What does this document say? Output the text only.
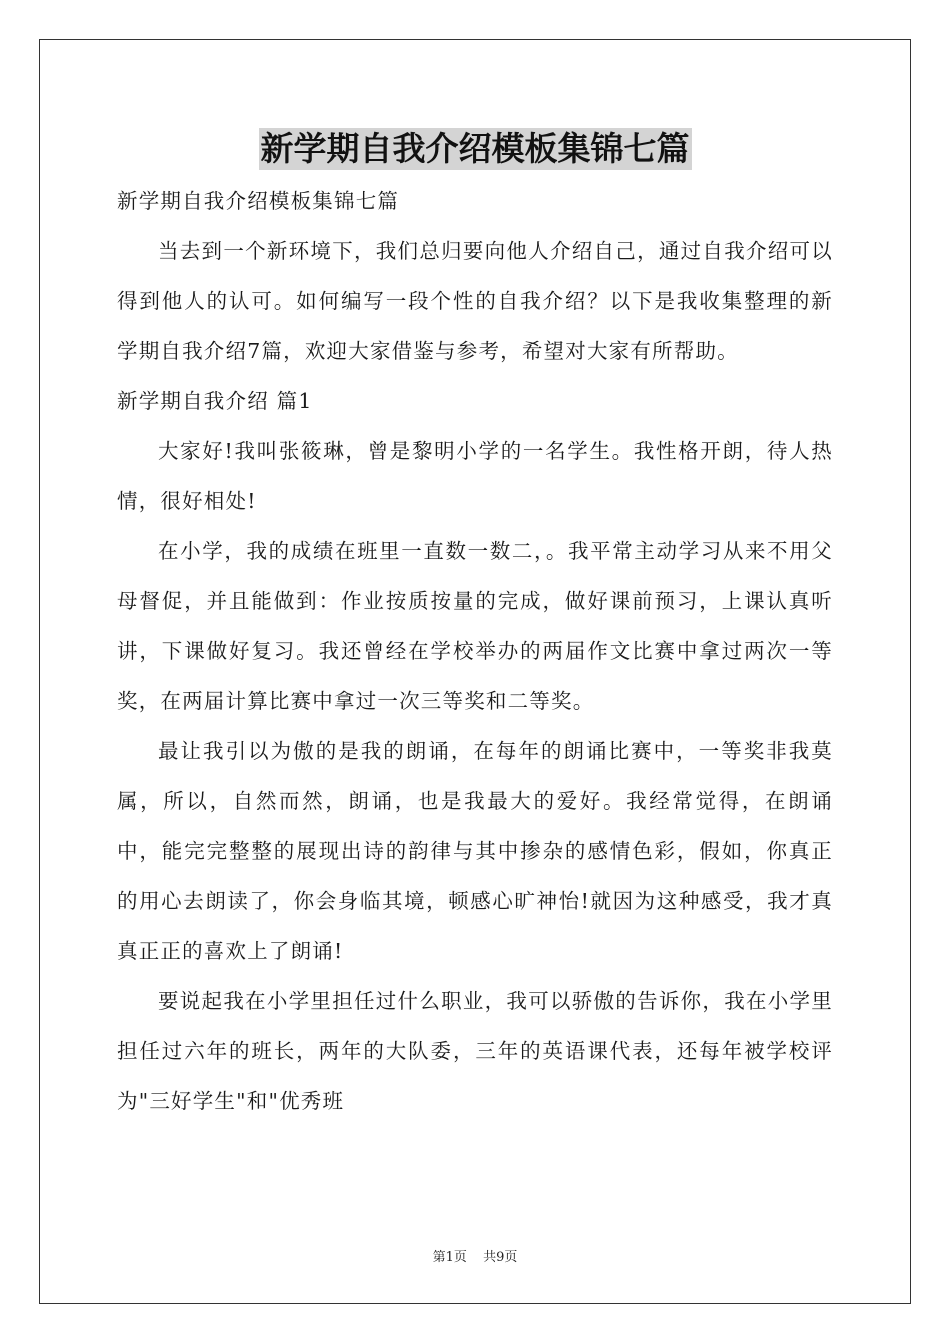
新学期自我介绍模板集锦七篇

新学期自我介绍模板集锦七篇

当去到一个新环境下，我们总归要向他人介绍自己，通过自我介绍可以得到他人的认可。如何编写一段个性的自我介绍？以下是我收集整理的新学期自我介绍7篇，欢迎大家借鉴与参考，希望对大家有所帮助。

新学期自我介绍 篇1

大家好!我叫张筱琳，曾是黎明小学的一名学生。我性格开朗，待人热情，很好相处!

在小学，我的成绩在班里一直数一数二，。我平常主动学习从来不用父母督促，并且能做到：作业按质按量的完成，做好课前预习，上课认真听讲，下课做好复习。我还曾经在学校举办的两届作文比赛中拿过两次一等奖，在两届计算比赛中拿过一次三等奖和二等奖。

最让我引以为傲的是我的朗诵，在每年的朗诵比赛中，一等奖非我莫属，所以，自然而然，朗诵，也是我最大的爱好。我经常觉得，在朗诵中，能完完整整的展现出诗的韵律与其中掺杂的感情色彩，假如，你真正的用心去朗读了，你会身临其境，顿感心旷神怡!就因为这种感受，我才真真正正的喜欢上了朗诵!

要说起我在小学里担任过什么职业，我可以骄傲的告诉你，我在小学里担任过六年的班长，两年的大队委，三年的英语课代表，还每年被学校评为"三好学生"和"优秀班

第1页 共9页
